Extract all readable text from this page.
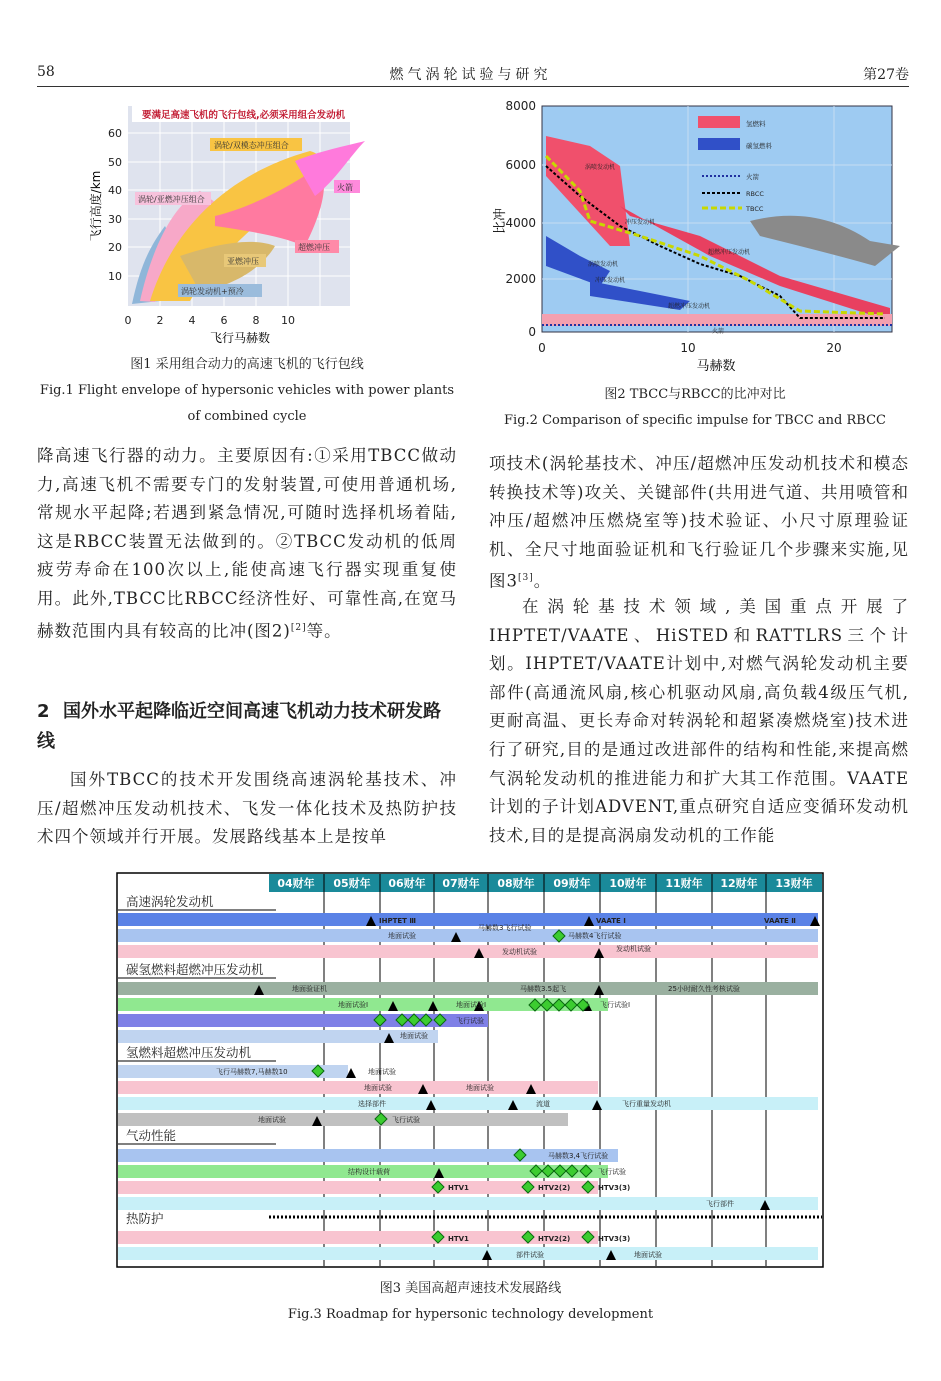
58	燃气涡轮试验与研究	第27卷
要满足高速飞机的飞行包线,必须采用组合发动机
涡轮/双模态冲压组合
涡轮/亚燃冲压组合
火箭
超燃冲压
亚燃冲压
涡轮发动机+预冷
60
50
40
30
20
10
0 2 4 6 8 10
飞行马赫数
飞行高度/km
图1 采用组合动力的高速飞机的飞行包线
Fig.1 Flight envelope of hypersonic vehicles with power plants of combined cycle
氢燃料
碳氢燃料
火箭
RBCC
TBCC
涡喷发动机
冲压发动机
超燃冲压发动机
涡喷发动机
冲压发动机
超燃冲压发动机
火箭
8000
6000
4000
2000
0
0	10	20
马赫数
比冲
图2 TBCC与RBCC的比冲对比
Fig.2 Comparison of specific impulse for TBCC and RBCC

降高速飞行器的动力。主要原因有:①采用TBCC做动力,高速飞机不需要专门的发射装置,可使用普通机场,常规水平起降;若遇到紧急情况,可随时选择机场着陆,这是RBCC装置无法做到的。②TBCC发动机的低周疲劳寿命在100次以上,能使高速飞行器实现重复使用。此外,TBCC比RBCC经济性好、可靠性高,在宽马赫数范围内具有较高的比冲(图2)[2]等。

2 国外水平起降临近空间高速飞机动力技术研发路线

国外TBCC的技术开发围绕高速涡轮基技术、冲压/超燃冲压发动机技术、飞发一体化技术及热防护技术四个领域并行开展。发展路线基本上是按单

项技术(涡轮基技术、冲压/超燃冲压发动机技术和模态转换技术等)攻关、关键部件(共用进气道、共用喷管和冲压/超燃冲压燃烧室等)技术验证、小尺寸原理验证机、全尺寸地面验证机和飞行验证几个步骤来实施,见图3[3]。

在涡轮基技术领域,美国重点开展了IHPTET/VAATE、HiSTED和RATTLRS三个计划。IHPTET/VAATE计划中,对燃气涡轮发动机主要部件(高通流风扇,核心机驱动风扇,高负载4级压气机,更耐高温、更长寿命对转涡轮和超紧凑燃烧室)技术进行了研究,目的是通过改进部件的结构和性能,来提高燃气涡轮发动机的推进能力和扩大其工作范围。VAATE计划的子计划ADVENT,重点研究自适应变循环发动机技术,目的是提高涡扇发动机的工作能

04财年 05财年 06财年 07财年 08财年 09财年 10财年 11财年 12财年 13财年
高速涡轮发动机
碳氢燃料超燃冲压发动机
氢燃料超燃冲压发动机
气动性能
热防护
IHPTET Ⅲ	VAATE Ⅰ	VAATE Ⅱ
马赫数3飞行试验
马赫数4飞行试验
地面试验
发动机试验	发动机试验
地面验证机	马赫数3.5起飞	25小时耐久性考核试验
地面试验Ⅰ	地面试验Ⅰ	飞行试验Ⅰ
飞行试验
地面试验
飞行马赫数7,马赫数10	地面试验
地面试验	地面试验
选择部件	流道	飞行重量发动机
地面试验	飞行试验
马赫数3,4飞行试验
结构设计载荷	飞行试验
HTV1	HTV2(2)	HTV3(3)
飞行部件
HTV1	HTV2(2)	HTV3(3)
部件试验	地面试验
图3 美国高超声速技术发展路线
Fig.3 Roadmap for hypersonic technology development
